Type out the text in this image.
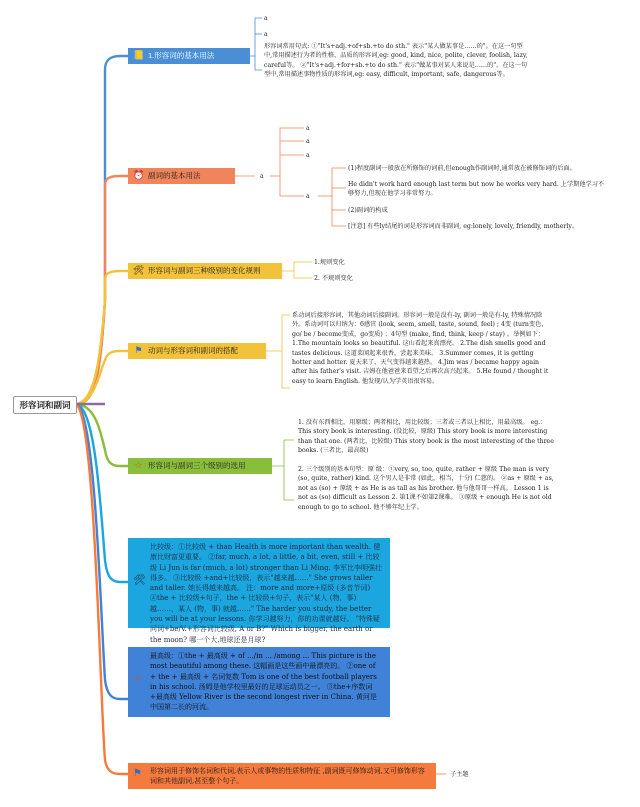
形容词和副词
📒 1.形容词的基本用法
a
a
形容词常用句式: ①"It's+adj.+of+sb.+to do sth." 表示"某人做某事是……的"。在这一句型中,常用描述行为者的性格、品质的形容词,eg: good, kind, nice, polite, clever, foolish, lazy, careful等。 ②"It's+adj.+for+sb.+to do sth." 表示"做某事对某人来说是……的"。在这一句型中,常用描述事物性质的形容词,eg: easy, difficult, important, safe, dangerous等。
⏰ 副词的基本用法	a
a
a
a
a
(1)程度副词一般放在所修饰的词前,但enough作副词时,通常放在被修饰词的后面。
He didn't work hard enough last term but now he works very hard. 上学期他学习不够努力,但现在他学习非常努力。
(2)副词的构成
[注意] 有些ly结尾的词是形容词而非副词, eg:lonely, lovely, friendly, motherly。
🛠 形容词与副词三种级别的变化规则
1.规则变化
2. 不规则变化
⚑ 动词与形容词和副词的搭配
系动词后接形容词，其他动词后接副词。形容词一般是没有-ly, 副词一般是有-ly, 特殊情况除外。系动词可以归纳为：6感官 (look, seem, smell, taste, sound, feel) ; 4变 (turn变色，go/ be / become变成，go变质) ；4句型 (make, find, think, keep / stay) 。举例如下：1.The mountain looks so beautiful. 这山看起来真漂亮。 2.The dish smells good and tastes delicious. 这道菜闻起来很香，尝起来美味。 3.Summer comes, it is getting hotter and hotter. 夏天来了，天气变得越来越热。 4.Jim was / became happy again after his father's visit. 吉姆在他爸爸来看望之后再次高兴起来。 5.He found / thought it easy to learn English. 他发现/认为学英语很容易。
☆ 形容词与副词三个级别的选用
1. 没有东西相比，用原级；两者相比，用比较级；三者或三者以上相比，用最高级。 eg.：This story book is interesting. (没比较，原级) This story book is more interesting than that one. (两者比，比较级) This story book is the most interesting of the three books. (三者比，最高级)
2. 三个级别的基本句型：原 级：①very, so, too, quite, rather + 原级 The man is very (so, quite, rather) kind. 这个男人是非常 (如此，相当，十分) 仁慈的。 ②as + 原级 + as, not as (so) + 原级 + as He is as tall as his brother. 他与他哥哥一样高。 Lesson 1 is not as (so) difficult as Lesson 2. 第1课不如第2课难。 ③原级 + enough He is not old enough to go to school. 他不够年纪上学。
🛠
比较级：①比较级 + than Health is more important than wealth. 健康比财富更重要。 ②far, much, a lot, a little, a bit, even, still + 比较级 Li Jun is far (much, a lot) stronger than Li Ming. 李军比李明强壮得多。 ③比较级 +and+比较级，表示"越来越……" She grows taller and taller. 她长得越来越高。 注：more and more+原级 (多音节词) ④the + 比较级+句子，the + 比较级+句子，表示"某人 (物，事) 越……，某人 (物，事) 就越……" The harder you study, the better you will be at your lessons. 你学习越努力，你的功课就越好。 "特殊疑问词+be/V.+形容词比较级, A or B?" Which is bigger, the earth or the moon? 哪一个大,地球还是月球?
☆
最高级：①the + 最高级 + of .../in ... /among ... This picture is the most beautiful among these. 这幅画是这些画中最漂亮的。 ②one of + the + 最高级 + 名词复数 Tom is one of the best football players in his school. 汤姆是他学校里最好的足球运动员之一。 ③the+序数词+最高级 Yellow River is the second longest river in China. 黄河是中国第二长的河流。
⚑ 形容词用于修饰名词和代词,表示人或事物的性质和特征 ,副词既可修饰动词,又可修饰形容词和其他副词,甚至整个句子。
子主题
